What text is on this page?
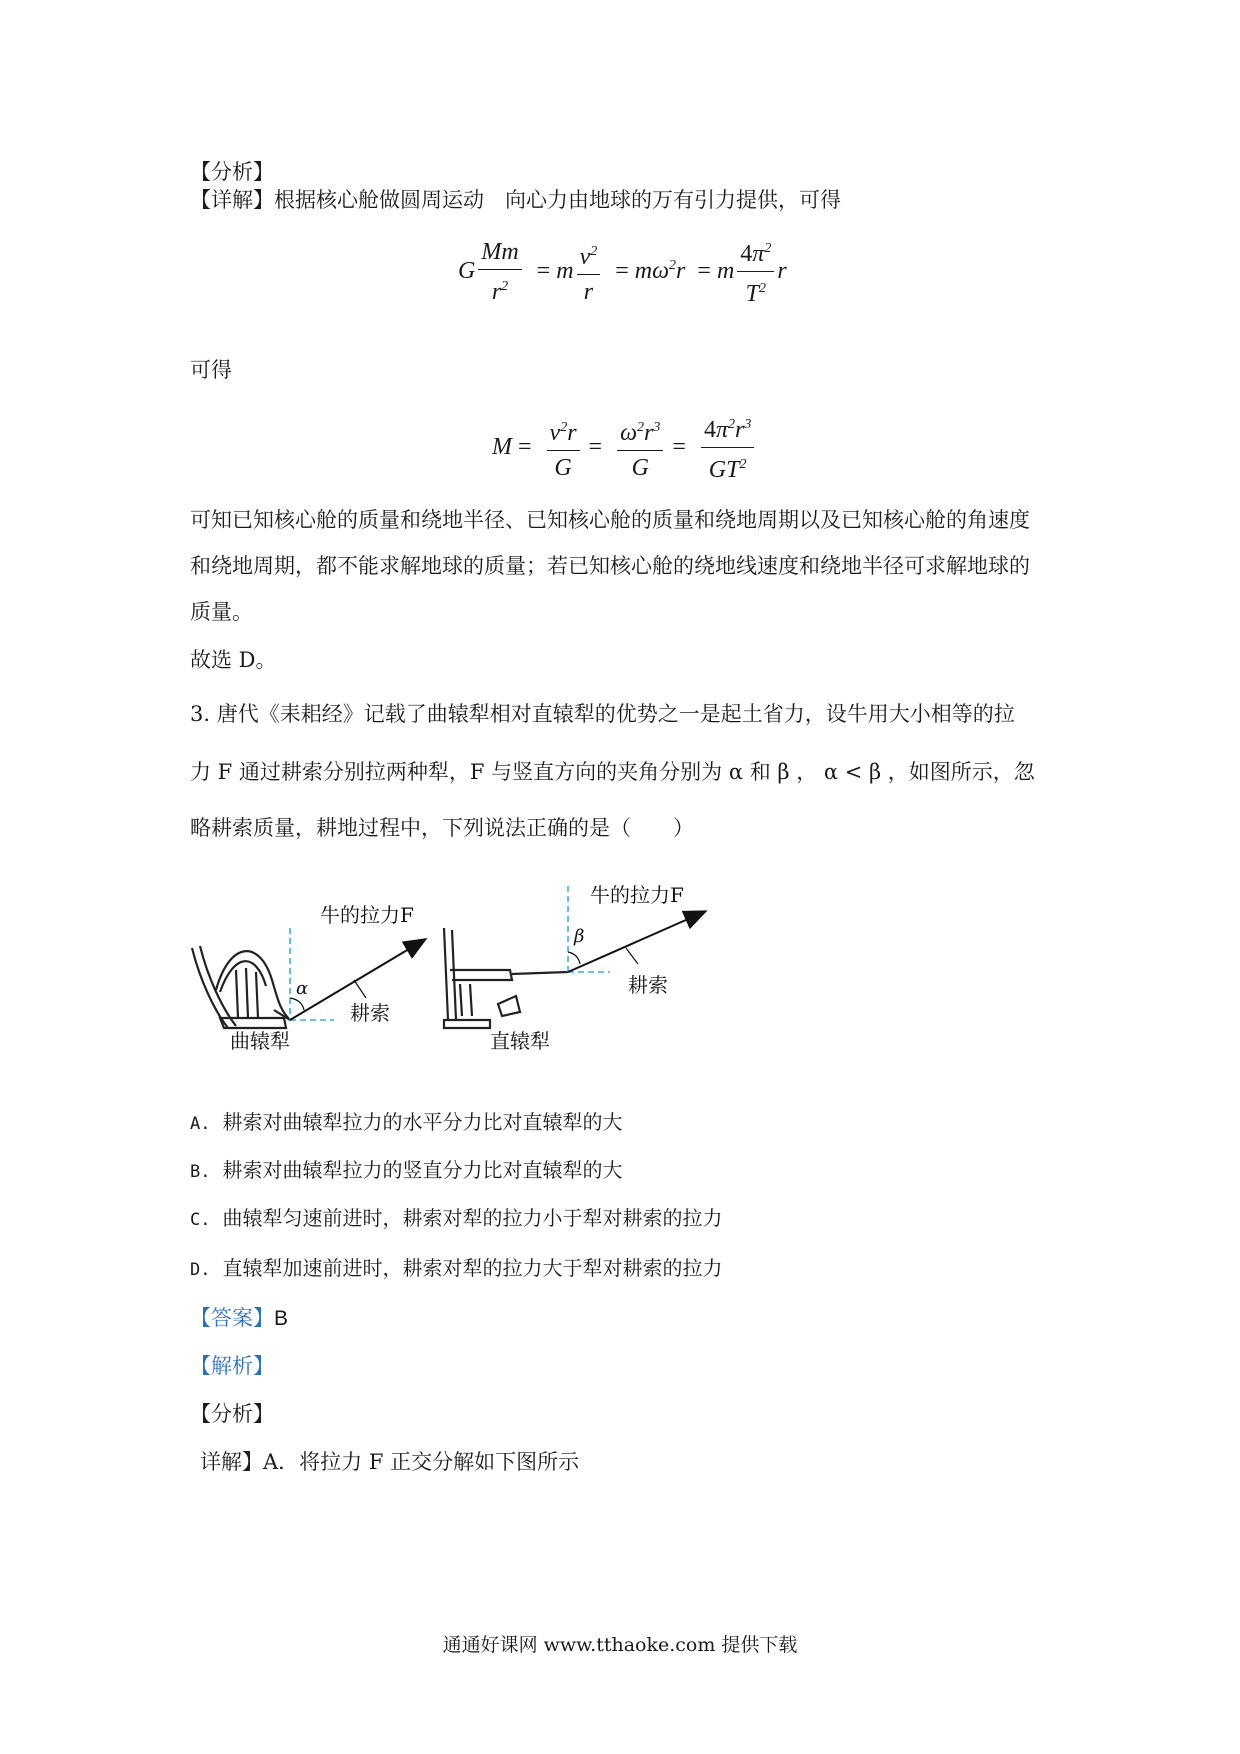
【分析】
【详解】根据核心舱做圆周运动　向心力由地球的万有引力提供，可得
G $\frac{Mm}{r^2} = m \frac{v^2}{r} = m\omega^2r = m \frac{4\pi^2}{T^2}$ r
可得
$M = \frac{v^2r}{G} = \frac{\omega^2r^3}{G} = \frac{4\pi^2r^3}{GT^2}$
可知已知核心舱的质量和绕地半径、已知核心舱的质量和绕地周期以及已知核心舱的角速度
和绕地周期，都不能求解地球的质量；若已知核心舱的绕地线速度和绕地半径可求解地球的
质量。
故选 D。
3. 唐代《耒耜经》记载了曲辕犁相对直辕犁的优势之一是起土省力，设牛用大小相等的拉
力 F 通过耕索分别拉两种犁，F 与竖直方向的夹角分别为 α 和 β ， α < β ，如图所示，忽
略耕索质量，耕地过程中，下列说法正确的是（　　）
牛的拉力F
α
耕索
曲辕犁
牛的拉力F
β
耕索
直辕犁
A. 耕索对曲辕犁拉力的水平分力比对直辕犁的大
B. 耕索对曲辕犁拉力的竖直分力比对直辕犁的大
C. 曲辕犁匀速前进时，耕索对犁的拉力小于犁对耕索的拉力
D. 直辕犁加速前进时，耕索对犁的拉力大于犁对耕索的拉力
【答案】B
【解析】
【分析】
详解】A．将拉力 F 正交分解如下图所示
通通好课网 www.tthaoke.com 提供下载
